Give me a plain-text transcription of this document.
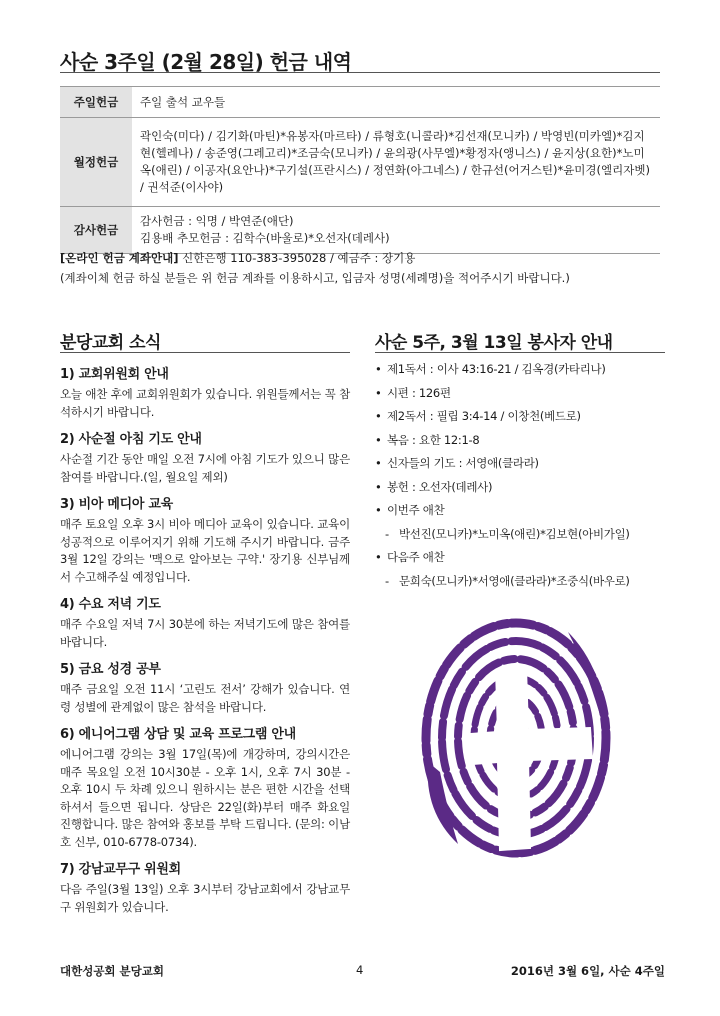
사순 3주일 (2월 28일) 헌금 내역
주일헌금	주일 출석 교우들
월정헌금	곽인숙(미다) / 김기화(마틴)*유봉자(마르타) / 류형호(니콜라)*김선재(모니카) / 박영빈(미카엘)*김지현(헬레나) / 송준영(그레고리)*조금숙(모니카) / 윤의광(사무엘)*황정자(앵니스) / 윤지상(요한)*노미옥(애린) / 이공자(요안나)*구기설(프란시스) / 정연화(아그네스) / 한규선(어거스틴)*윤미경(엘리자벳) / 권석준(이사야)
감사헌금	감사헌금 : 익명 / 박연준(애단)
김용배 추모헌금 : 김학수(바울로)*오선자(데레사)
[온라인 헌금 계좌안내] 신한은행 110-383-395028 / 예금주 : 장기용
(계좌이체 헌금 하실 분들은 위 헌금 계좌를 이용하시고, 입금자 성명(세례명)을 적어주시기 바랍니다.)
분당교회 소식
1) 교회위원회 안내

오늘 애찬 후에 교회위원회가 있습니다. 위원들께서는 꼭 참석하시기 바랍니다.

2) 사순절 아침 기도 안내

사순절 기간 동안 매일 오전 7시에 아침 기도가 있으니 많은 참여를 바랍니다.(일, 월요일 제외)

3) 비아 메디아 교육

매주 토요일 오후 3시 비아 메디아 교육이 있습니다. 교육이 성공적으로 이루어지기 위해 기도해 주시기 바랍니다. 금주 3월 12일 강의는 '맥으로 알아보는 구약.' 장기용 신부님께서 수고해주실 예정입니다.

4) 수요 저녁 기도

매주 수요일 저녁 7시 30분에 하는 저녁기도에 많은 참여를 바랍니다.

5) 금요 성경 공부

매주 금요일 오전 11시 ‘고린도 전서’ 강해가 있습니다. 연령 성별에 관계없이 많은 참석을 바랍니다.

6) 에니어그램 상담 및 교육 프로그램 안내

에니어그램 강의는 3월 17일(목)에 개강하며, 강의시간은 매주 목요일 오전 10시30분 - 오후 1시, 오후 7시 30분 - 오후 10시 두 차례 있으니 원하시는 분은 편한 시간을 선택하셔서 들으면 됩니다. 상담은 22일(화)부터 매주 화요일 진행합니다. 많은 참여와 홍보를 부탁 드립니다. (문의: 이남호 신부, 010-6778-0734).

7) 강남교무구 위원회

다음 주일(3월 13일) 오후 3시부터 강남교회에서 강남교무구 위원회가 있습니다.

사순 5주, 3월 13일 봉사자 안내
• 제1독서 : 이사 43:16-21 / 김옥경(카타리나)
• 시편 : 126편
• 제2독서 : 필립 3:4-14 / 이창천(베드로)
• 복음 : 요한 12:1-8
• 신자들의 기도 : 서영애(클라라)
• 봉헌 : 오선자(데레사)
• 이번주 애찬
- 박선진(모니카)*노미옥(애린)*김보현(아비가일)
• 다음주 애찬
- 문희숙(모니카)*서영애(클라라)*조중식(바우로)
대한성공회 분당교회	4	2016년 3월 6일, 사순 4주일
